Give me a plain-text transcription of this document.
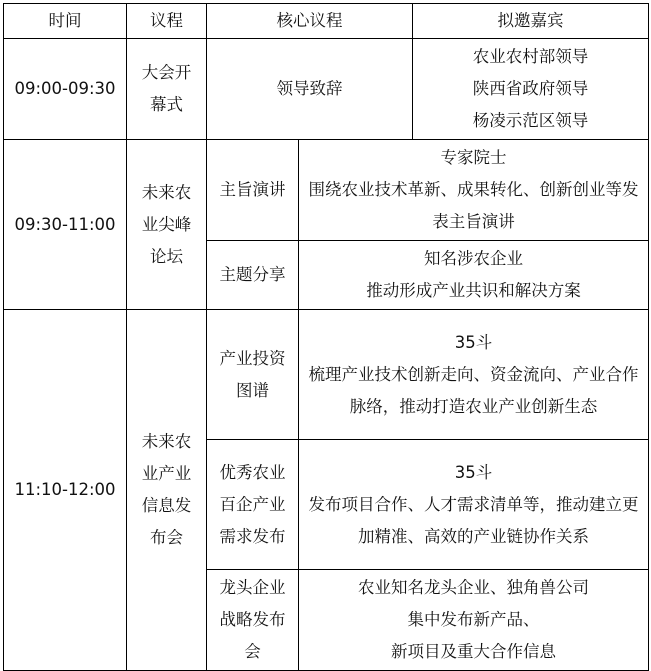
时间	议程	核心议程		拟邀嘉宾
09:00-09:30	大会开幕式	领导致辞		农业农村部领导
陕西省政府领导
杨凌示范区领导

09:30-11:00	未来农业尖峰论坛	主旨演讲	专家院士
围绕农业技术革新、成果转化、创新创业等发表主旨演讲	

		主题分享	知名涉农企业
推动形成产业共识和解决方案	

11:10-12:00	未来农业产业信息发布会	产业投资图谱	35斗
梳理产业技术创新走向、资金流向、产业合作脉络，推动打造农业产业创新生态	

		优秀农业百企产业需求发布	35斗
发布项目合作、人才需求清单等，推动建立更加精准、高效的产业链协作关系	

		龙头企业战略发布会	农业知名龙头企业、独角兽公司
集中发布新产品、
新项目及重大合作信息	
